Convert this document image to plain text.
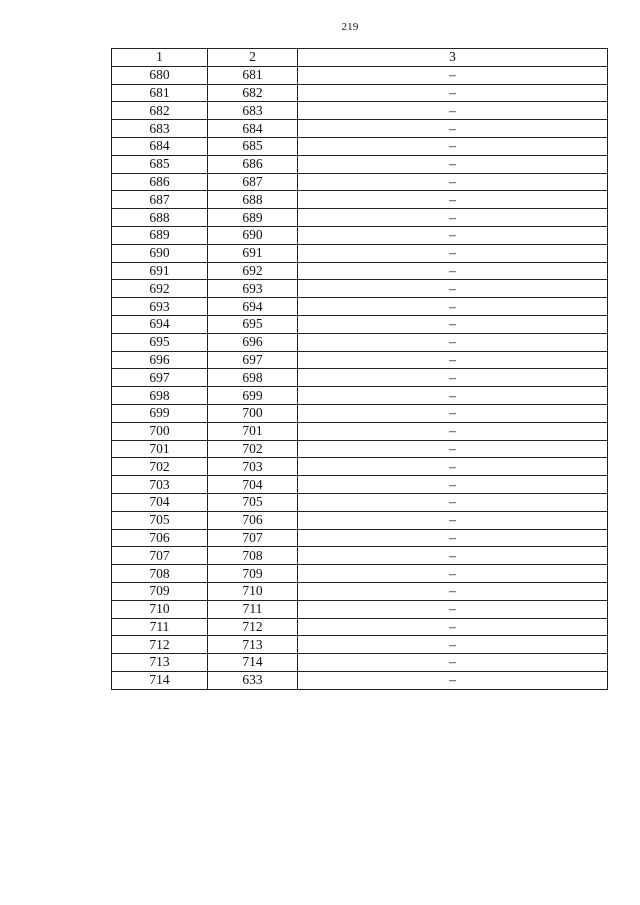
219
1	2	3
680	681	–
681	682	–
682	683	–
683	684	–
684	685	–
685	686	–
686	687	–
687	688	–
688	689	–
689	690	–
690	691	–
691	692	–
692	693	–
693	694	–
694	695	–
695	696	–
696	697	–
697	698	–
698	699	–
699	700	–
700	701	–
701	702	–
702	703	–
703	704	–
704	705	–
705	706	–
706	707	–
707	708	–
708	709	–
709	710	–
710	711	–
711	712	–
712	713	–
713	714	–
714	633	–
